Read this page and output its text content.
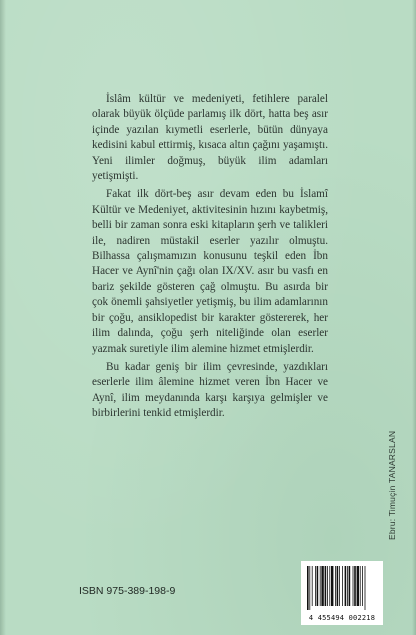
İslâm kültür ve medeniyeti, fetihlere paralel olarak büyük ölçüde parlamış ilk dört, hatta beş asır içinde yazılan kıymetli eserlerle, bütün dünyaya kedisini kabul ettirmiş, kısaca altın çağını yaşamıştı. Yeni ilimler doğmuş, büyük ilim adamları yetişmişti.

Fakat ilk dört-beş asır devam eden bu İslamî Kültür ve Medeniyet, aktivitesinin hızını kaybetmiş, belli bir zaman sonra eski kitapların şerh ve talikleri ile, nadiren müstakil eserler yazılır olmuştu. Bilhassa çalışmamızın konusunu teşkil eden İbn Hacer ve Aynî'nin çağı olan IX/XV. asır bu vasfı en bariz şekilde gösteren çağ olmuştu. Bu asırda bir çok önemli şahsiyetler yetişmiş, bu ilim adamlarının bir çoğu, ansiklopedist bir karakter göstererek, her ilim dalında, çoğu şerh niteliğinde olan eserler yazmak suretiyle ilim alemine hizmet etmişlerdir.

Bu kadar geniş bir ilim çevresinde, yazdıkları eserlerle ilim âlemine hizmet veren İbn Hacer ve Aynî, ilim meydanında karşı karşıya gelmişler ve birbirlerini tenkid etmişlerdir.

Ebru: Timuçin TANARSLAN
ISBN 975-389-198-9
4 455494 002218
